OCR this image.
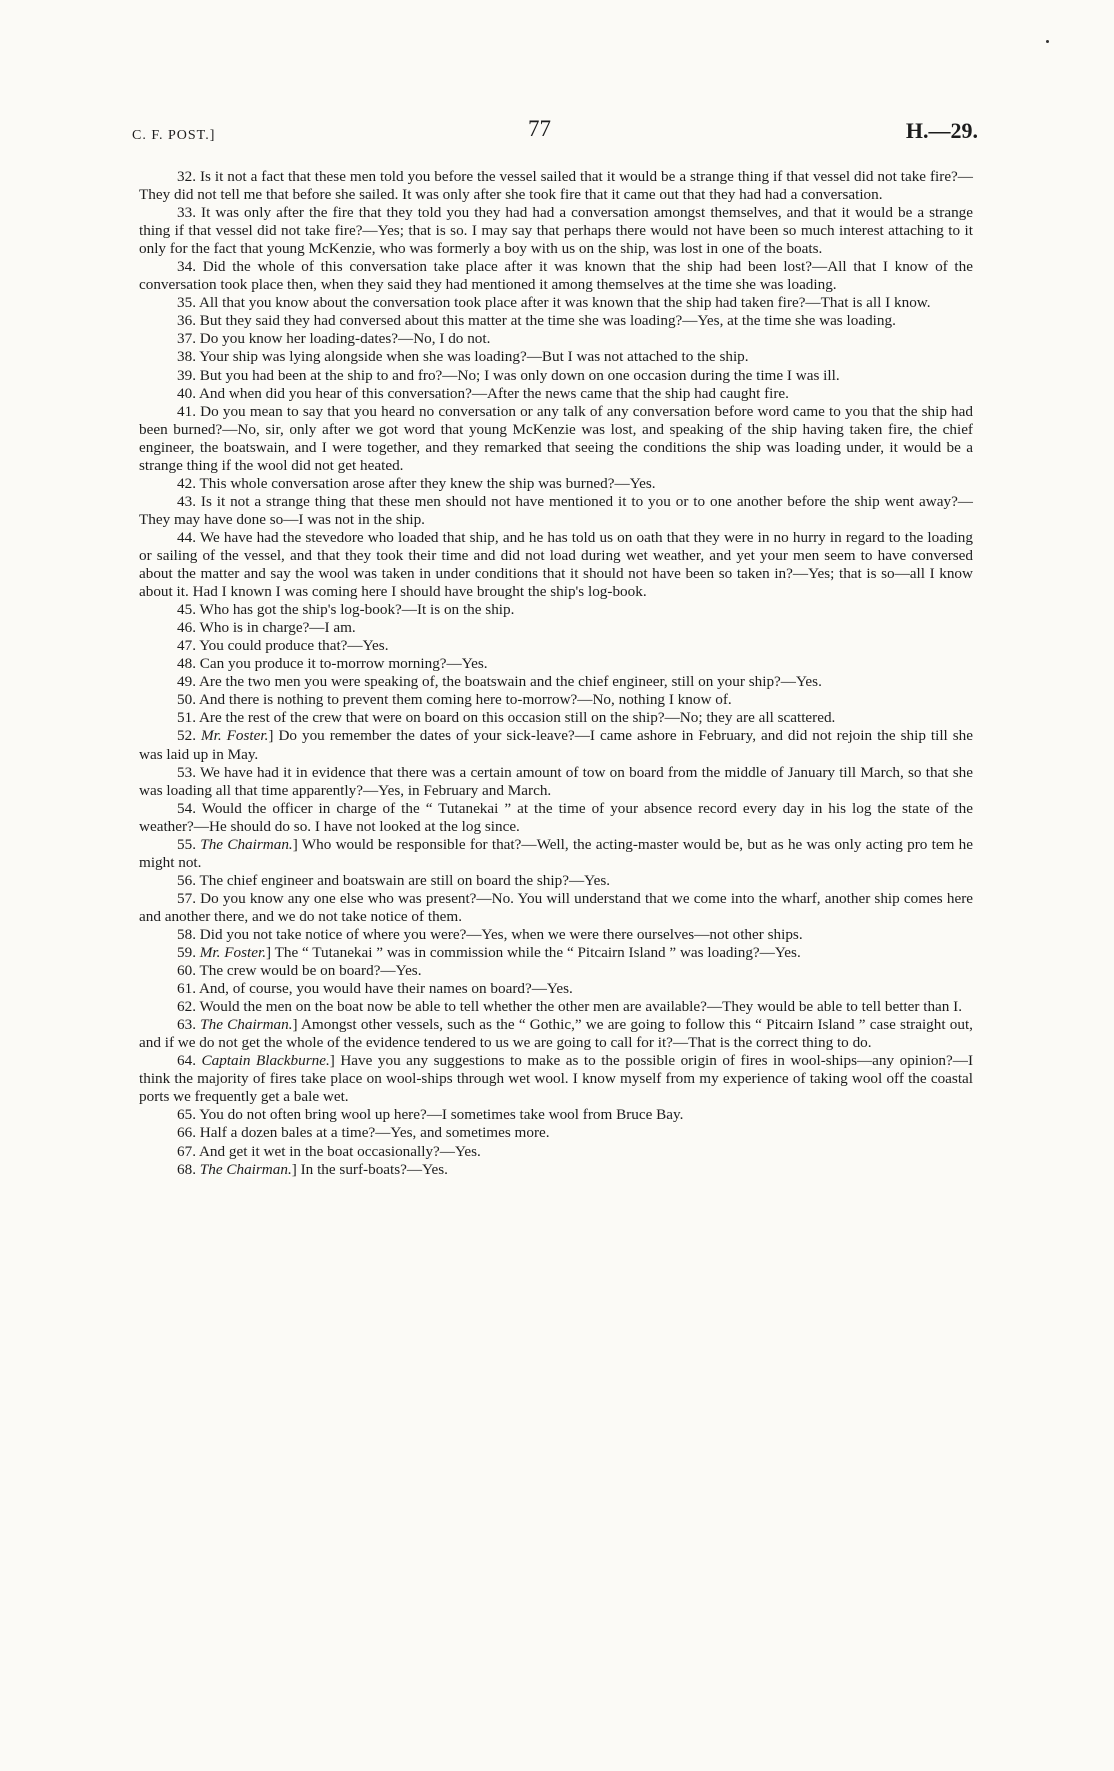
C. F. POST.]	77	H.—29.

32. Is it not a fact that these men told you before the vessel sailed that it would be a strange thing if that vessel did not take fire?—They did not tell me that before she sailed. It was only after she took fire that it came out that they had had a conversation.

33. It was only after the fire that they told you they had had a conversation amongst themselves, and that it would be a strange thing if that vessel did not take fire?—Yes; that is so. I may say that perhaps there would not have been so much interest attaching to it only for the fact that young McKenzie, who was formerly a boy with us on the ship, was lost in one of the boats.

34. Did the whole of this conversation take place after it was known that the ship had been lost?—All that I know of the conversation took place then, when they said they had mentioned it among themselves at the time she was loading.

35. All that you know about the conversation took place after it was known that the ship had taken fire?—That is all I know.

36. But they said they had conversed about this matter at the time she was loading?—Yes, at the time she was loading.

37. Do you know her loading-dates?—No, I do not.

38. Your ship was lying alongside when she was loading?—But I was not attached to the ship.

39. But you had been at the ship to and fro?—No; I was only down on one occasion during the time I was ill.

40. And when did you hear of this conversation?—After the news came that the ship had caught fire.

41. Do you mean to say that you heard no conversation or any talk of any conversation before word came to you that the ship had been burned?—No, sir, only after we got word that young McKenzie was lost, and speaking of the ship having taken fire, the chief engineer, the boatswain, and I were together, and they remarked that seeing the conditions the ship was loading under, it would be a strange thing if the wool did not get heated.

42. This whole conversation arose after they knew the ship was burned?—Yes.

43. Is it not a strange thing that these men should not have mentioned it to you or to one another before the ship went away?—They may have done so—I was not in the ship.

44. We have had the stevedore who loaded that ship, and he has told us on oath that they were in no hurry in regard to the loading or sailing of the vessel, and that they took their time and did not load during wet weather, and yet your men seem to have conversed about the matter and say the wool was taken in under conditions that it should not have been so taken in?—Yes; that is so—all I know about it. Had I known I was coming here I should have brought the ship's log-book.

45. Who has got the ship's log-book?—It is on the ship.

46. Who is in charge?—I am.

47. You could produce that?—Yes.

48. Can you produce it to-morrow morning?—Yes.

49. Are the two men you were speaking of, the boatswain and the chief engineer, still on your ship?—Yes.

50. And there is nothing to prevent them coming here to-morrow?—No, nothing I know of.

51. Are the rest of the crew that were on board on this occasion still on the ship?—No; they are all scattered.

52. Mr. Foster.] Do you remember the dates of your sick-leave?—I came ashore in February, and did not rejoin the ship till she was laid up in May.

53. We have had it in evidence that there was a certain amount of tow on board from the middle of January till March, so that she was loading all that time apparently?—Yes, in February and March.

54. Would the officer in charge of the “ Tutanekai ” at the time of your absence record every day in his log the state of the weather?—He should do so. I have not looked at the log since.

55. The Chairman.] Who would be responsible for that?—Well, the acting-master would be, but as he was only acting pro tem he might not.

56. The chief engineer and boatswain are still on board the ship?—Yes.

57. Do you know any one else who was present?—No. You will understand that we come into the wharf, another ship comes here and another there, and we do not take notice of them.

58. Did you not take notice of where you were?—Yes, when we were there ourselves—not other ships.

59. Mr. Foster.] The “ Tutanekai ” was in commission while the “ Pitcairn Island ” was loading?—Yes.

60. The crew would be on board?—Yes.

61. And, of course, you would have their names on board?—Yes.

62. Would the men on the boat now be able to tell whether the other men are available?—They would be able to tell better than I.

63. The Chairman.] Amongst other vessels, such as the “ Gothic,” we are going to follow this “ Pitcairn Island ” case straight out, and if we do not get the whole of the evidence tendered to us we are going to call for it?—That is the correct thing to do.

64. Captain Blackburne.] Have you any suggestions to make as to the possible origin of fires in wool-ships—any opinion?—I think the majority of fires take place on wool-ships through wet wool. I know myself from my experience of taking wool off the coastal ports we frequently get a bale wet.

65. You do not often bring wool up here?—I sometimes take wool from Bruce Bay.

66. Half a dozen bales at a time?—Yes, and sometimes more.

67. And get it wet in the boat occasionally?—Yes.

68. The Chairman.] In the surf-boats?—Yes.
